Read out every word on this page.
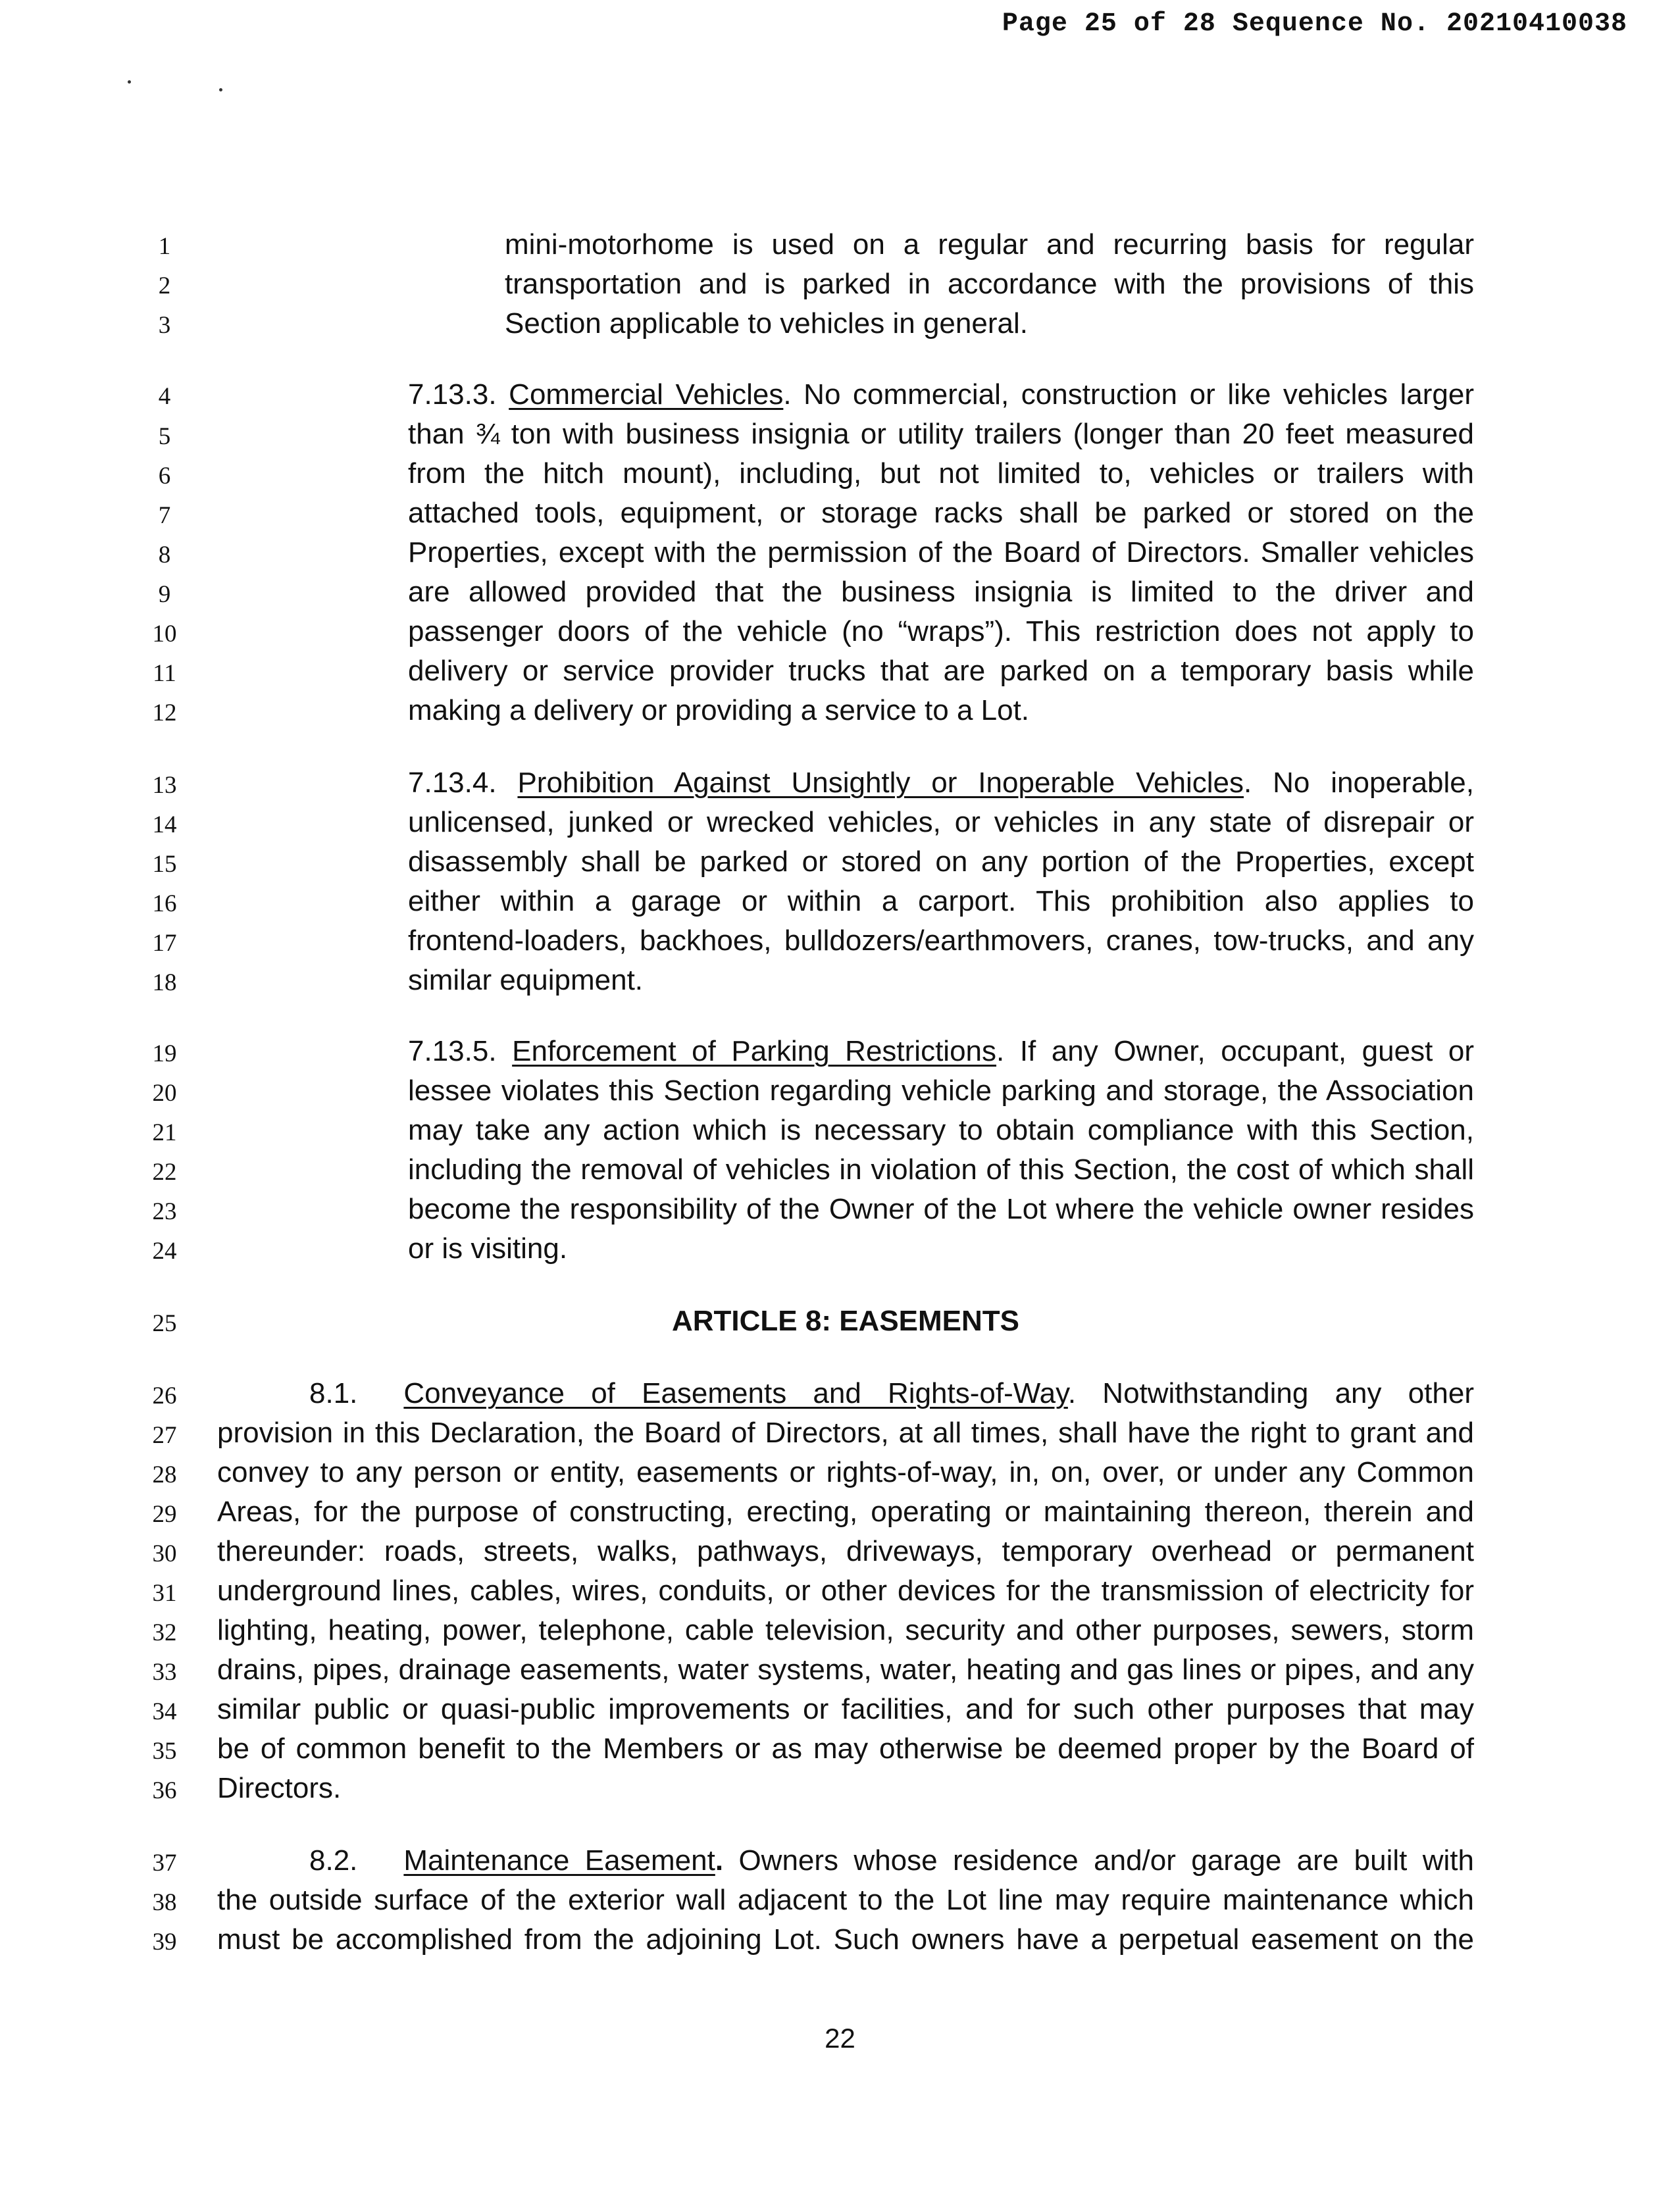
Page 25 of 28 Sequence No. 20210410038
1
2
3
4
5
6
7
8
9
10
11
12
13
14
15
16
17
18
19
20
21
22
23
24
25
26
27
28
29
30
31
32
33
34
35
36
37
38
39
mini-motorhome is used on a regular and recurring basis for regular
transportation and is parked in accordance with the provisions of this
Section applicable to vehicles in general.
7.13.3. Commercial Vehicles. No commercial, construction or like vehicles larger
than ¾ ton with business insignia or utility trailers (longer than 20 feet measured
from the hitch mount), including, but not limited to, vehicles or trailers with
attached tools, equipment, or storage racks shall be parked or stored on the
Properties, except with the permission of the Board of Directors. Smaller vehicles
are allowed provided that the business insignia is limited to the driver and
passenger doors of the vehicle (no “wraps”). This restriction does not apply to
delivery or service provider trucks that are parked on a temporary basis while
making a delivery or providing a service to a Lot.
7.13.4. Prohibition Against Unsightly or Inoperable Vehicles. No inoperable,
unlicensed, junked or wrecked vehicles, or vehicles in any state of disrepair or
disassembly shall be parked or stored on any portion of the Properties, except
either within a garage or within a carport. This prohibition also applies to
frontend-loaders, backhoes, bulldozers/earthmovers, cranes, tow-trucks, and any
similar equipment.
7.13.5. Enforcement of Parking Restrictions. If any Owner, occupant, guest or
lessee violates this Section regarding vehicle parking and storage, the Association
may take any action which is necessary to obtain compliance with this Section,
including the removal of vehicles in violation of this Section, the cost of which shall
become the responsibility of the Owner of the Lot where the vehicle owner resides
or is visiting.
ARTICLE 8: EASEMENTS
8.1. Conveyance of Easements and Rights-of-Way. Notwithstanding any other
provision in this Declaration, the Board of Directors, at all times, shall have the right to grant and
convey to any person or entity, easements or rights-of-way, in, on, over, or under any Common
Areas, for the purpose of constructing, erecting, operating or maintaining thereon, therein and
thereunder: roads, streets, walks, pathways, driveways, temporary overhead or permanent
underground lines, cables, wires, conduits, or other devices for the transmission of electricity for
lighting, heating, power, telephone, cable television, security and other purposes, sewers, storm
drains, pipes, drainage easements, water systems, water, heating and gas lines or pipes, and any
similar public or quasi-public improvements or facilities, and for such other purposes that may
be of common benefit to the Members or as may otherwise be deemed proper by the Board of
Directors.
8.2. Maintenance Easement. Owners whose residence and/or garage are built with
the outside surface of the exterior wall adjacent to the Lot line may require maintenance which
must be accomplished from the adjoining Lot. Such owners have a perpetual easement on the
22
